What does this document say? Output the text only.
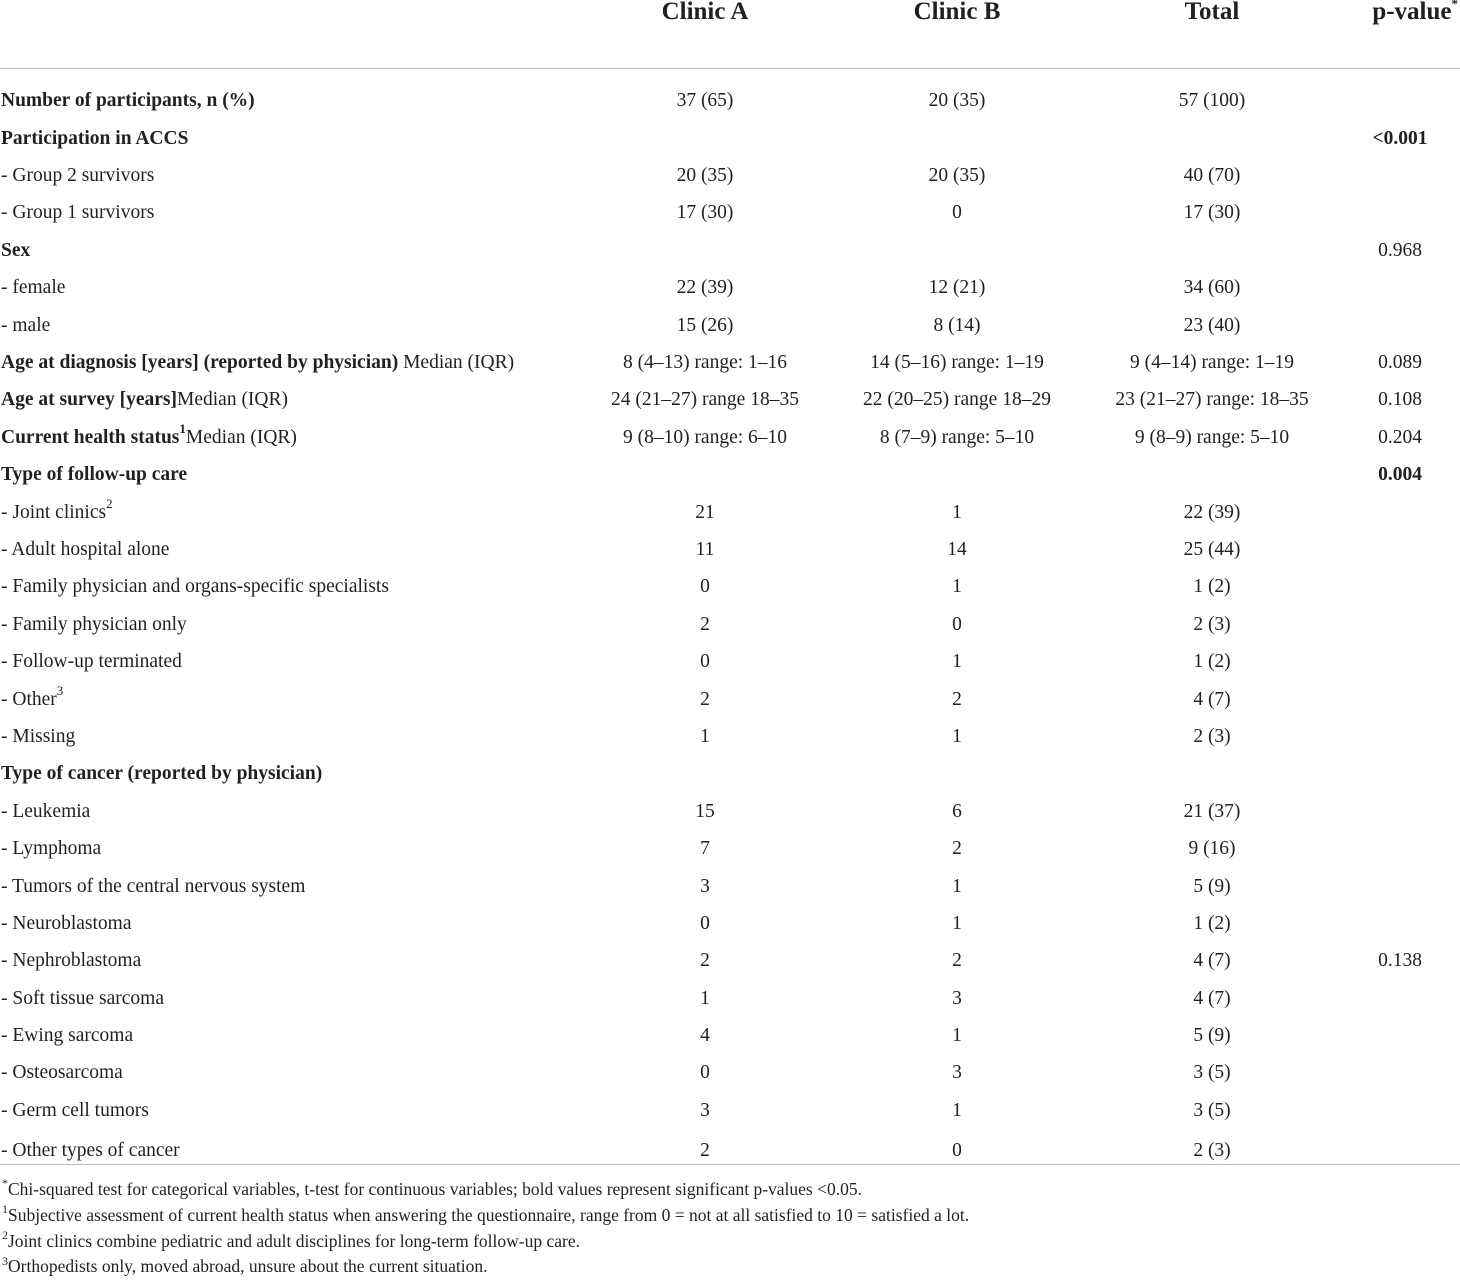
	Clinic A	Clinic B	Total	p-value*
Number of participants, n (%)	37 (65)	20 (35)	57 (100)	
Participation in ACCS				<0.001
- Group 2 survivors	20 (35)	20 (35)	40 (70)	
- Group 1 survivors	17 (30)	0	17 (30)	
Sex				0.968
- female	22 (39)	12 (21)	34 (60)	
- male	15 (26)	8 (14)	23 (40)	
Age at diagnosis [years] (reported by physician) Median (IQR)	8 (4–13) range: 1–16	14 (5–16) range: 1–19	9 (4–14) range: 1–19	0.089
Age at survey [years]Median (IQR)	24 (21–27) range 18–35	22 (20–25) range 18–29	23 (21–27) range: 18–35	0.108
Current health status$^1$Median (IQR)	9 (8–10) range: 6–10	8 (7–9) range: 5–10	9 (8–9) range: 5–10	0.204
Type of follow-up care				0.004
- Joint clinics$^2$	21	1	22 (39)	
- Adult hospital alone	11	14	25 (44)	
- Family physician and organs-specific specialists	0	1	1 (2)	
- Family physician only	2	0	2 (3)	
- Follow-up terminated	0	1	1 (2)	
- Other$^3$	2	2	4 (7)	
- Missing	1	1	2 (3)	
Type of cancer (reported by physician)				
- Leukemia	15	6	21 (37)	
- Lymphoma	7	2	9 (16)	
- Tumors of the central nervous system	3	1	5 (9)	
- Neuroblastoma	0	1	1 (2)	
- Nephroblastoma	2	2	4 (7)	0.138
- Soft tissue sarcoma	1	3	4 (7)	
- Ewing sarcoma	4	1	5 (9)	
- Osteosarcoma	0	3	3 (5)	
- Germ cell tumors	3	1	3 (5)	
- Other types of cancer	2	0	2 (3)	

*Chi-squared test for categorical variables, t-test for continuous variables; bold values represent significant p-values <0.05.

$^1$Subjective assessment of current health status when answering the questionnaire, range from 0 = not at all satisfied to 10 = satisfied a lot.

$^2$Joint clinics combine pediatric and adult disciplines for long-term follow-up care.

$^3$Orthopedists only, moved abroad, unsure about the current situation.
